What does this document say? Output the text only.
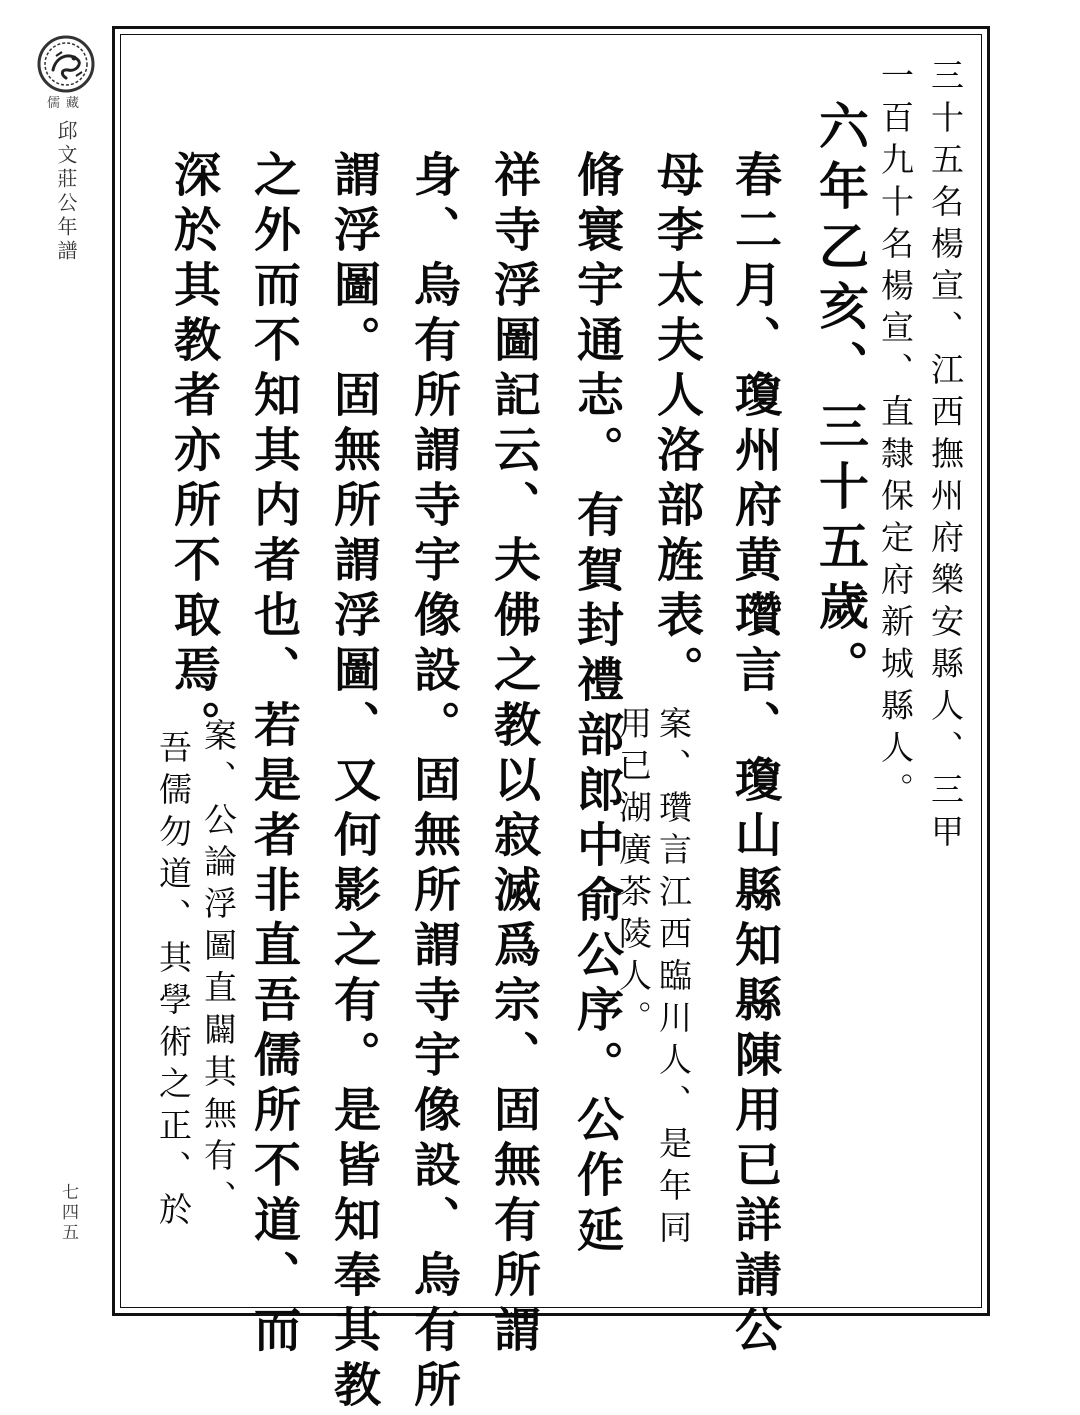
儒藏
邱文莊公年譜
七四五
三十五名楊宣、江西撫州府樂安縣人、三甲
一百九十名楊宣、直隸保定府新城縣人。
六年乙亥、三十五歲。
春二月、瓊州府黄瓚言、瓊山縣知縣陳用已詳請公
母李太夫人洛部旌表。
案、瓚言江西臨川人、是年同
脩寰宇通志。
用已湖廣茶陵人。
有賀封禮部郎中俞公序。公作延
祥寺浮圖記云、夫佛之教以寂滅爲宗、固無有所謂
身、烏有所謂寺宇像設。固無所謂寺宇像設、烏有所
謂浮圖。固無所謂浮圖、又何影之有。是皆知奉其教
之外而不知其内者也、若是者非直吾儒所不道、而
深於其教者亦所不取焉。
案、公論浮圖直闢其無有、
吾儒勿道、其學術之正、於
